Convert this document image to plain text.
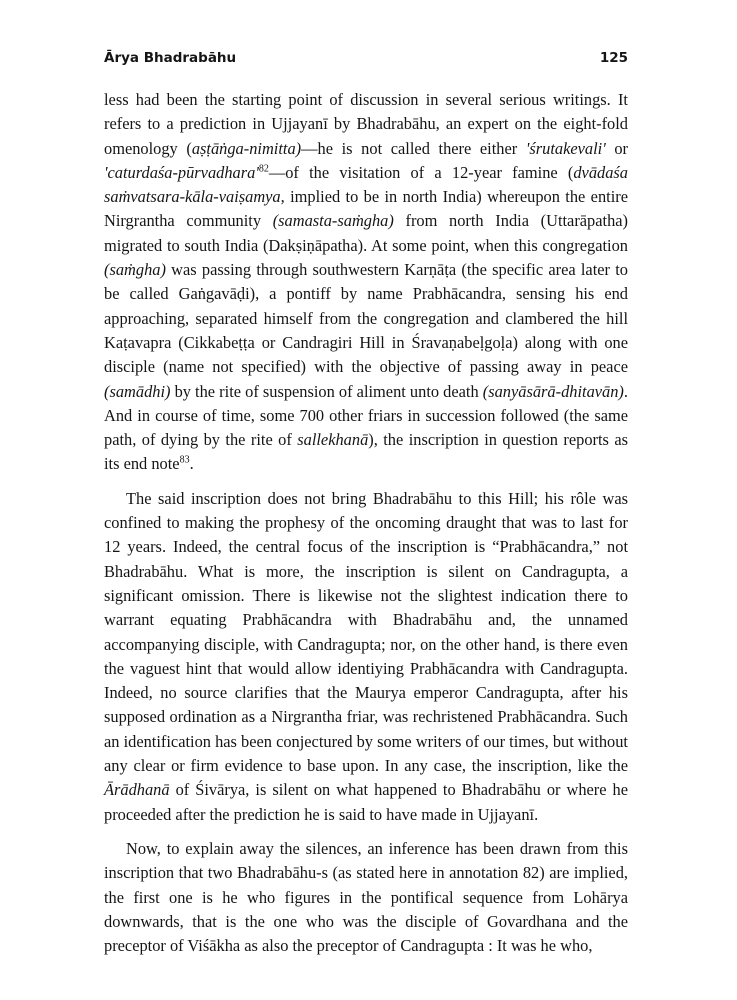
Ārya Bhadrabāhu	125

less had been the starting point of discussion in several serious writings. It refers to a prediction in Ujjayanī by Bhadrabāhu, an expert on the eight-fold omenology (aṣṭāṅga-nimitta)—he is not called there either 'śrutakevali' or '$caturdaśa-pūrvadhara'^{82}—of$ the visitation of a 12-year famine (dvādaśa saṁvatsara-kāla-vaiṣamya, implied to be in north India) whereupon the entire Nirgrantha community (samasta-saṁgha) from north India (Uttarāpatha) migrated to south India (Dakṣiṇāpatha). At some point, when this congregation (saṁgha) was passing through southwestern Karṇāṭa (the specific area later to be called Gaṅgavāḍi), a pontiff by name Prabhācandra, sensing his end approaching, separated himself from the congregation and clambered the hill Kaṭavapra (Cikkabeṭṭa or Candragiri Hill in Śravaṇabeḷgoḷa) along with one disciple (name not specified) with the objective of passing away in peace (samādhi) by the rite of suspension of aliment unto death (sanyāsārā-dhitavān). And in course of time, some 700 other friars in succession followed (the same path, of dying by the rite of sallekhanā), the inscription in question reports as its end note$^{83}$.

The said inscription does not bring Bhadrabāhu to this Hill; his rôle was confined to making the prophesy of the oncoming draught that was to last for 12 years. Indeed, the central focus of the inscription is “Prabhācandra,” not Bhadrabāhu. What is more, the inscription is silent on Candragupta, a significant omission. There is likewise not the slightest indication there to warrant equating Prabhācandra with Bhadrabāhu and, the unnamed accompanying disciple, with Candragupta; nor, on the other hand, is there even the vaguest hint that would allow identiying Prabhācandra with Candragupta. Indeed, no source clarifies that the Maurya emperor Candragupta, after his supposed ordination as a Nirgrantha friar, was rechristened Prabhācandra. Such an identification has been conjectured by some writers of our times, but without any clear or firm evidence to base upon. In any case, the inscription, like the Ārādhanā of Śivārya, is silent on what happened to Bhadrabāhu or where he proceeded after the prediction he is said to have made in Ujjayanī.

Now, to explain away the silences, an inference has been drawn from this inscription that two Bhadrabāhu-s (as stated here in annotation 82) are implied, the first one is he who figures in the pontifical sequence from Lohārya downwards, that is the one who was the disciple of Govardhana and the preceptor of Viśākha as also the preceptor of Candragupta : It was he who,
